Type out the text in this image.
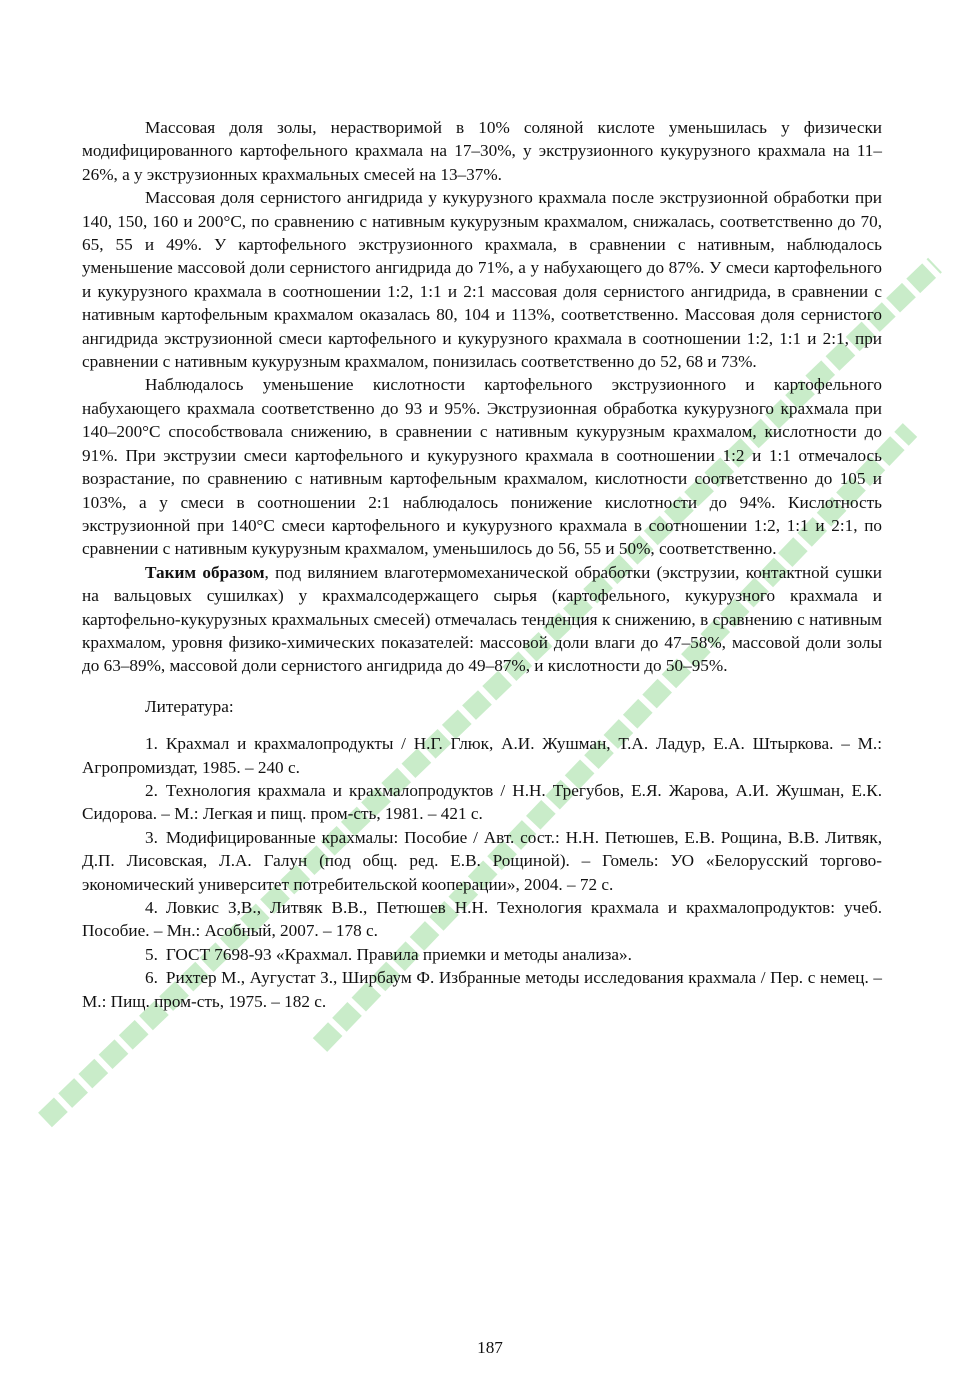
Массовая доля золы, нерастворимой в 10% соляной кислоте уменьшилась у физически модифицированного картофельного крахмала на 17–30%, у экструзионного кукурузного крахмала на 11–26%, а у экструзионных крахмальных смесей на 13–37%.

Массовая доля сернистого ангидрида у кукурузного крахмала после экструзионной обработки при 140, 150, 160 и 200°С, по сравнению с нативным кукурузным крахмалом, снижалась, соответственно до 70, 65, 55 и 49%. У картофельного экструзионного крахмала, в сравнении с нативным, наблюдалось уменьшение массовой доли сернистого ангидрида до 71%, а у набухающего до 87%. У смеси картофельного и кукурузного крахмала в соотношении 1:2, 1:1 и 2:1 массовая доля сернистого ангидрида, в сравнении с нативным картофельным крахмалом оказалась 80, 104 и 113%, соответственно. Массовая доля сернистого ангидрида экструзионной смеси картофельного и кукурузного крахмала в соотношении 1:2, 1:1 и 2:1, при сравнении с нативным кукурузным крахмалом, понизилась соответственно до 52, 68 и 73%.

Наблюдалось уменьшение кислотности картофельного экструзионного и картофельного набухающего крахмала соответственно до 93 и 95%. Экструзионная обработка кукурузного крахмала при 140–200°С способствовала снижению, в сравнении с нативным кукурузным крахмалом, кислотности до 91%. При экструзии смеси картофельного и кукурузного крахмала в соотношении 1:2 и 1:1 отмечалось возрастание, по сравнению с нативным картофельным крахмалом, кислотности соответственно до 105 и 103%, а у смеси в соотношении 2:1 наблюдалось понижение кислотности до 94%. Кислотность экструзионной при 140°С смеси картофельного и кукурузного крахмала в соотношении 1:2, 1:1 и 2:1, по сравнении с нативным кукурузным крахмалом, уменьшилось до 56, 55 и 50%, соответственно.

Таким образом, под вилянием влаготермомеханической обработки (экструзии, контактной сушки на вальцовых сушилках) у крахмалсодержащего сырья (картофельного, кукурузного крахмала и картофельно-кукурузных крахмальных смесей) отмечалась тенденция к снижению, в сравнению с нативным крахмалом, уровня физико-химических показателей: массовой доли влаги до 47–58%, массовой доли золы до 63–89%, массовой доли сернистого ангидрида до 49–87%, и кислотности до 50–95%.

Литература:

1. Крахмал и крахмалопродукты / Н.Г. Глюк, А.И. Жушман, Т.А. Ладур, Е.А. Штыркова. – М.: Агропромиздат, 1985. – 240 с.
2. Технология крахмала и крахмалопродуктов / Н.Н. Трегубов, Е.Я. Жарова, А.И. Жушман, Е.К. Сидорова. – М.: Легкая и пищ. пром-сть, 1981. – 421 с.
3. Модифицированные крахмалы: Пособие / Авт. сост.: Н.Н. Петюшев, Е.В. Рощина, В.В. Литвяк, Д.П. Лисовская, Л.А. Галун (под общ. ред. Е.В. Рощиной). – Гомель: УО «Белорусский торгово-экономический университет потребительской кооперации», 2004. – 72 с.
4. Ловкис З,В., Литвяк В.В., Петюшев Н.Н. Технология крахмала и крахмалопродуктов: учеб. Пособие. – Мн.: Асобный, 2007. – 178 с.
5. ГОСТ 7698-93 «Крахмал. Правила приемки и методы анализа».
6. Рихтер М., Аугустат З., Ширбаум Ф. Избранные методы исследования крахмала / Пер. с немец. – М.: Пищ. пром-сть, 1975. – 182 с.
187
